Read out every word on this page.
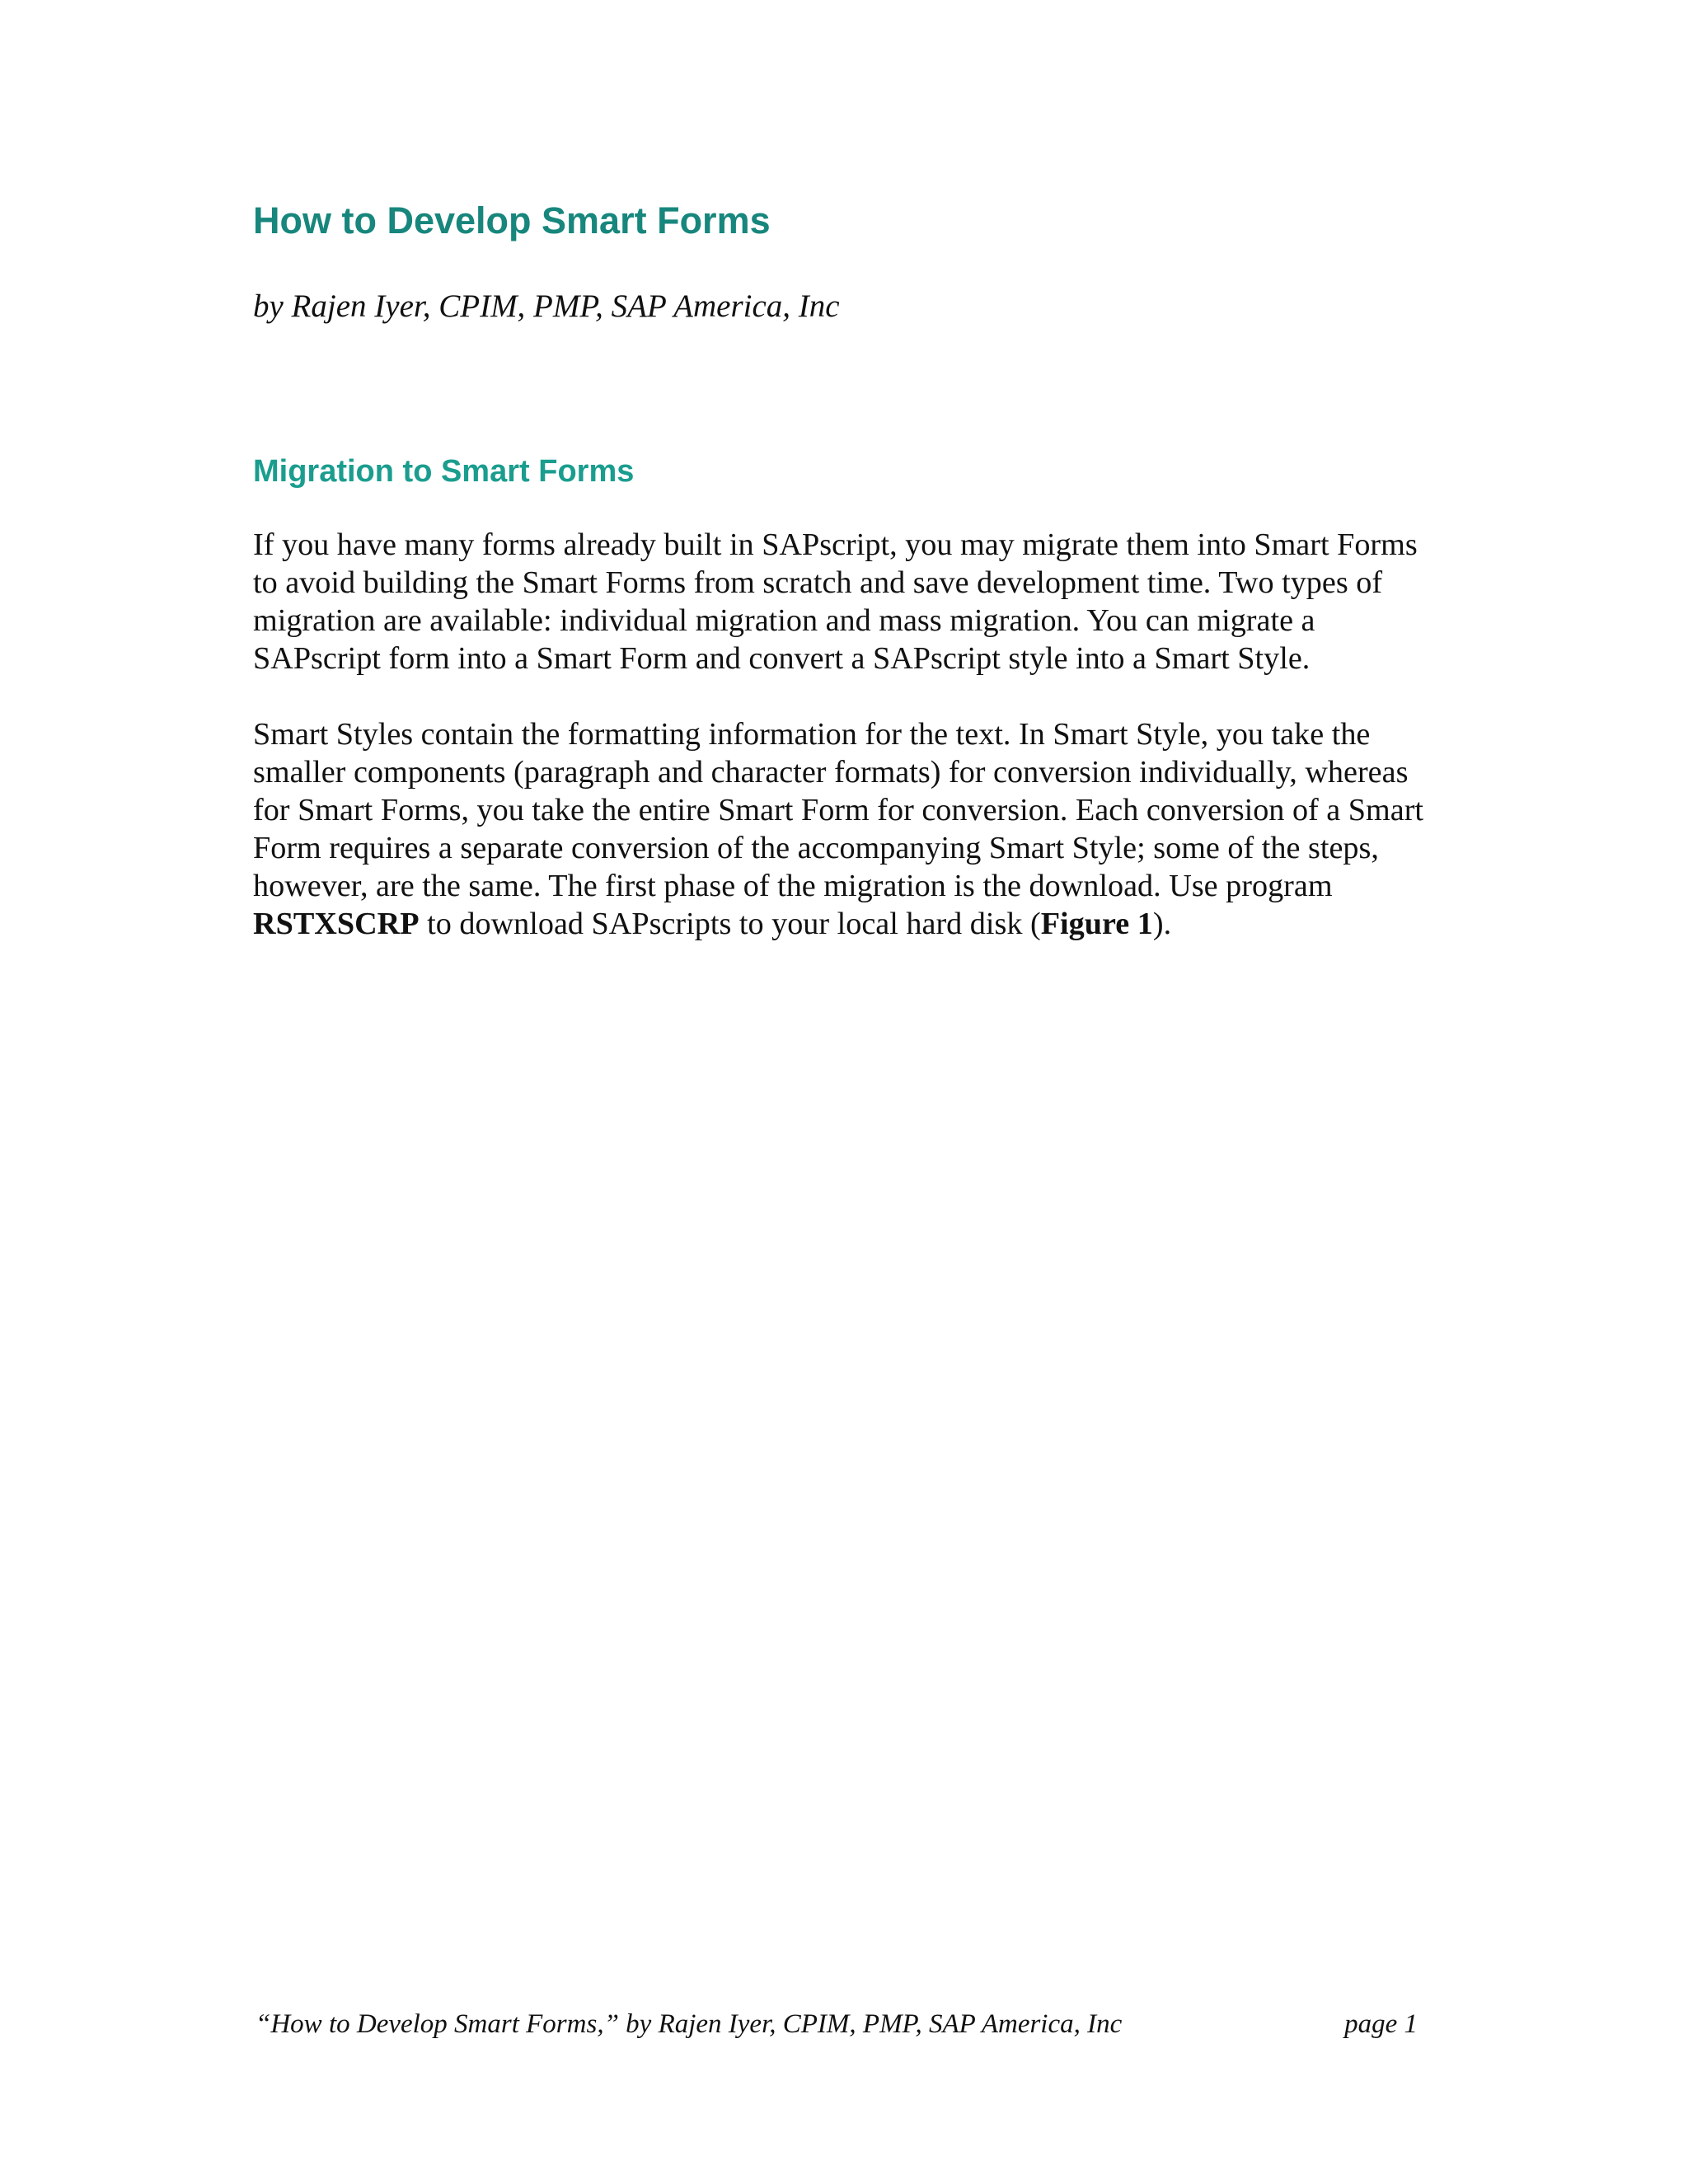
How to Develop Smart Forms

by Rajen Iyer, CPIM, PMP, SAP America, Inc

Migration to Smart Forms

If you have many forms already built in SAPscript, you may migrate them into Smart Forms to avoid building the Smart Forms from scratch and save development time. Two types of migration are available: individual migration and mass migration. You can migrate a SAPscript form into a Smart Form and convert a SAPscript style into a Smart Style.

Smart Styles contain the formatting information for the text. In Smart Style, you take the smaller components (paragraph and character formats) for conversion individually, whereas for Smart Forms, you take the entire Smart Form for conversion. Each conversion of a Smart Form requires a separate conversion of the accompanying Smart Style; some of the steps, however, are the same. The first phase of the migration is the download. Use program RSTXSCRP to download SAPscripts to your local hard disk (Figure 1).

“How to Develop Smart Forms,” by Rajen Iyer, CPIM, PMP, SAP America, Inc	page 1
